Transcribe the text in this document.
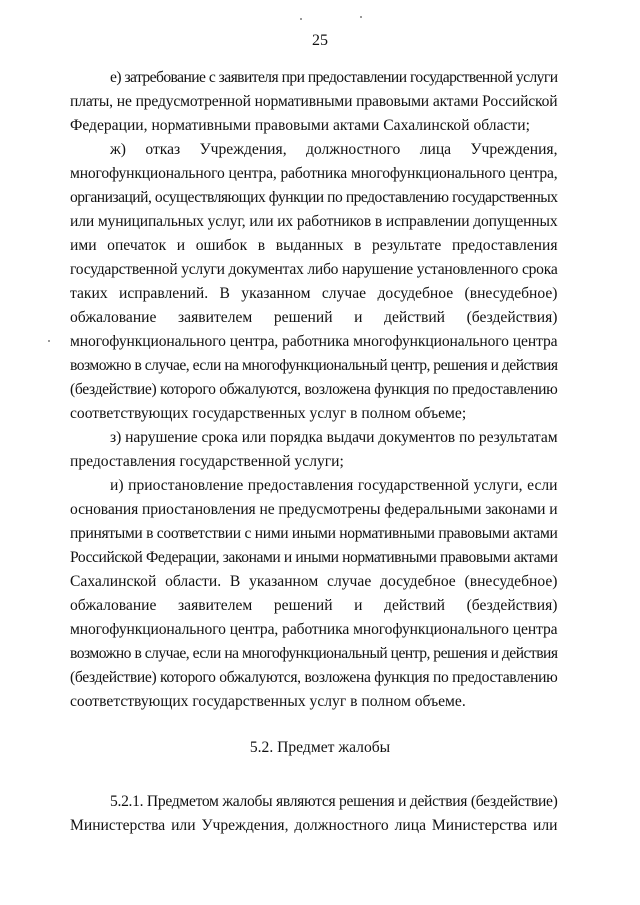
25
е) затребование с заявителя при предоставлении государственной услуги
платы, не предусмотренной нормативными правовыми актами Российской
Федерации, нормативными правовыми актами Сахалинской области;
ж) отказ Учреждения, должностного лица Учреждения,
многофункционального центра, работника многофункционального центра,
организаций, осуществляющих функции по предоставлению государственных
или муниципальных услуг, или их работников в исправлении допущенных
ими опечаток и ошибок в выданных в результате предоставления
государственной услуги документах либо нарушение установленного срока
таких исправлений. В указанном случае досудебное (внесудебное)
обжалование заявителем решений и действий (бездействия)
многофункционального центра, работника многофункционального центра
возможно в случае, если на многофункциональный центр, решения и действия
(бездействие) которого обжалуются, возложена функция по предоставлению
соответствующих государственных услуг в полном объеме;
з) нарушение срока или порядка выдачи документов по результатам
предоставления государственной услуги;
и) приостановление предоставления государственной услуги, если
основания приостановления не предусмотрены федеральными законами и
принятыми в соответствии с ними иными нормативными правовыми актами
Российской Федерации, законами и иными нормативными правовыми актами
Сахалинской области. В указанном случае досудебное (внесудебное)
обжалование заявителем решений и действий (бездействия)
многофункционального центра, работника многофункционального центра
возможно в случае, если на многофункциональный центр, решения и действия
(бездействие) которого обжалуются, возложена функция по предоставлению
соответствующих государственных услуг в полном объеме.
5.2.1. Предметом жалобы являются решения и действия (бездействие)
Министерства или Учреждения, должностного лица Министерства или
5.2. Предмет жалобы
